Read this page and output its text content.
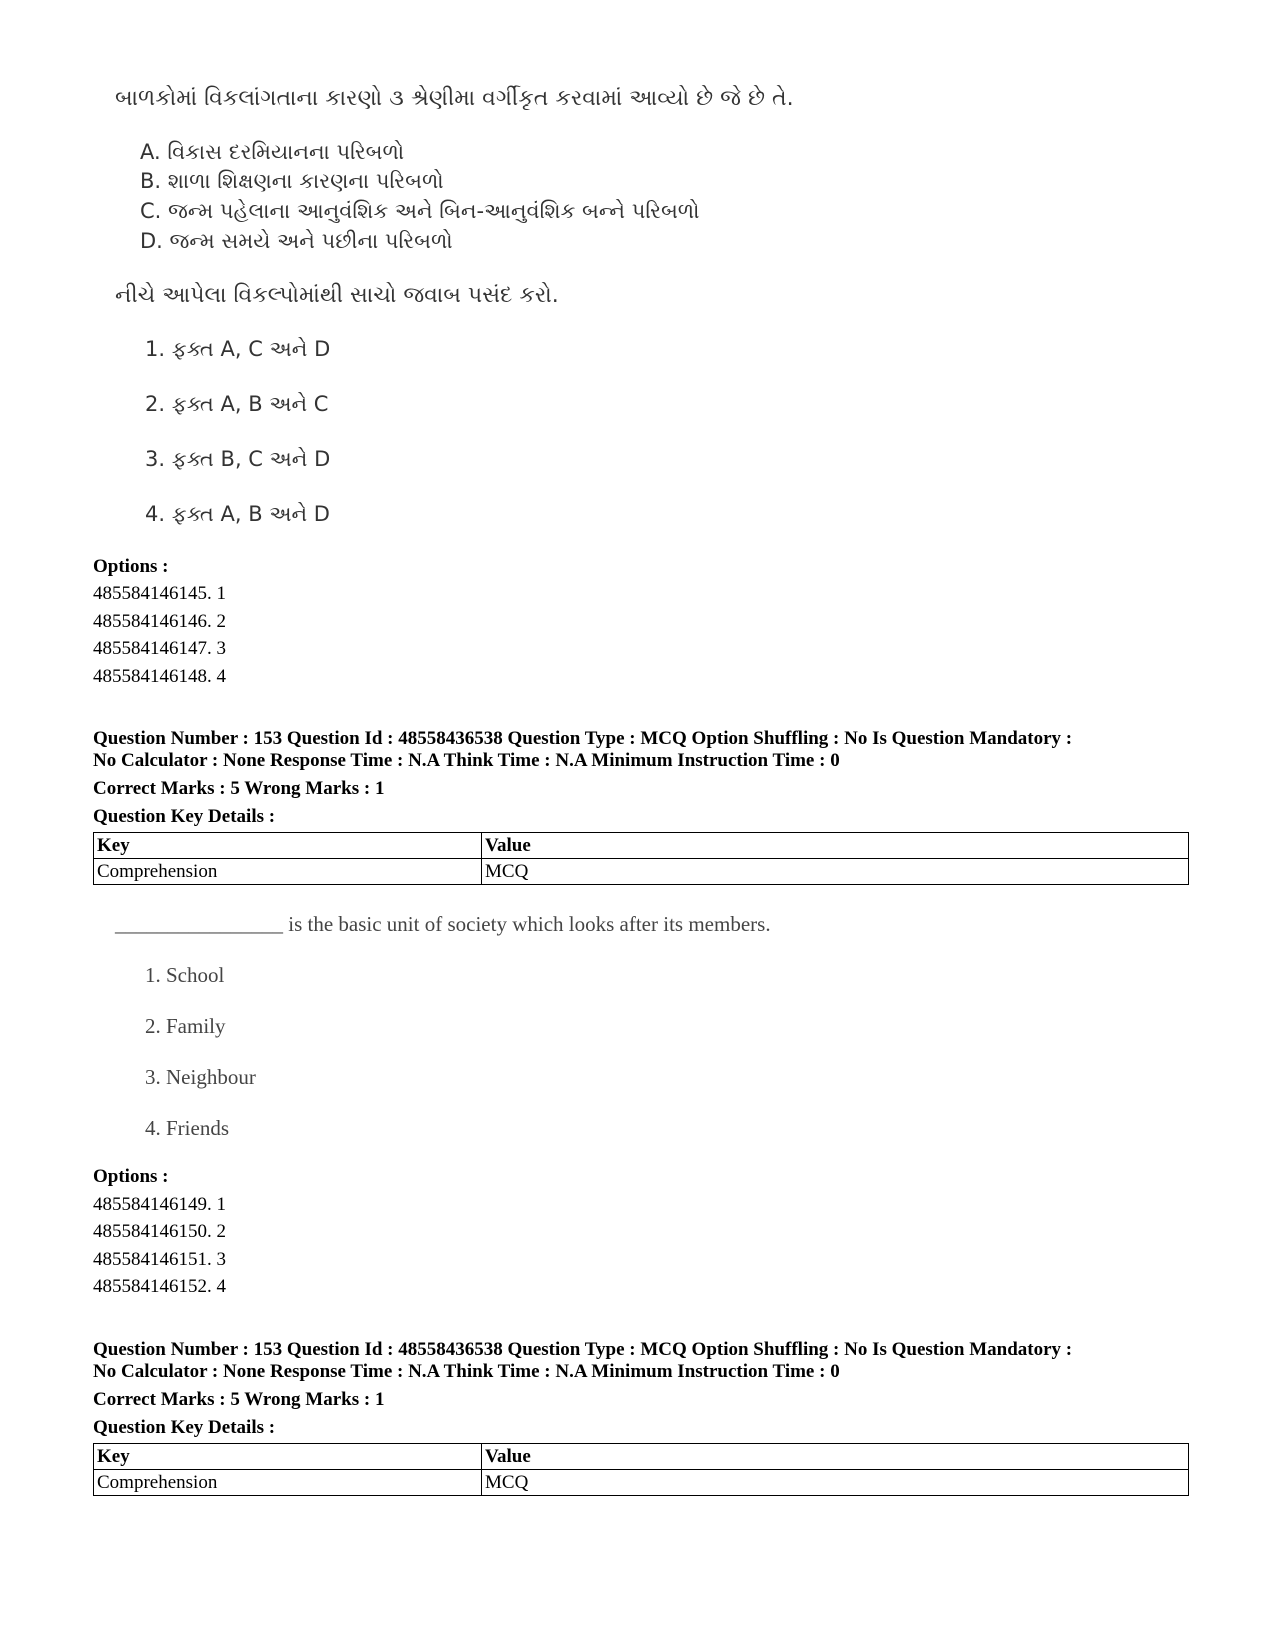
બાળકોમાં વિકલાંગતાના કારણો ૩ શ્રેણીમા વર્ગીકૃત કરવામાં આવ્યો છે જે છે તે.
A. વિકાસ દરમિયાનના પરિબળો
B. શાળા શિક્ષણના કારણના પરિબળો
C. જન્મ પહેલાના આનુવંશિક અને બિન-આનુવંશિક બન્ને પરિબળો
D. જન્મ સમયે અને પછીના પરિબળો
નીચે આપેલા વિકલ્પોમાંથી સાચો જવાબ પસંદ કરો.
1. ફક્ત A, C અને D
2. ફક્ત A, B અને C
3. ફક્ત B, C અને D
4. ફક્ત A, B અને D
Options :
485584146145. 1
485584146146. 2
485584146147. 3
485584146148. 4
Question Number : 153 Question Id : 48558436538 Question Type : MCQ Option Shuffling : No Is Question Mandatory :
No Calculator : None Response Time : N.A Think Time : N.A Minimum Instruction Time : 0
Correct Marks : 5 Wrong Marks : 1
Question Key Details :
Key	Value
Comprehension	MCQ
________________ is the basic unit of society which looks after its members.
1. School
2. Family
3. Neighbour
4. Friends
Options :
485584146149. 1
485584146150. 2
485584146151. 3
485584146152. 4
Question Number : 153 Question Id : 48558436538 Question Type : MCQ Option Shuffling : No Is Question Mandatory :
No Calculator : None Response Time : N.A Think Time : N.A Minimum Instruction Time : 0
Correct Marks : 5 Wrong Marks : 1
Question Key Details :
Key	Value
Comprehension	MCQ
